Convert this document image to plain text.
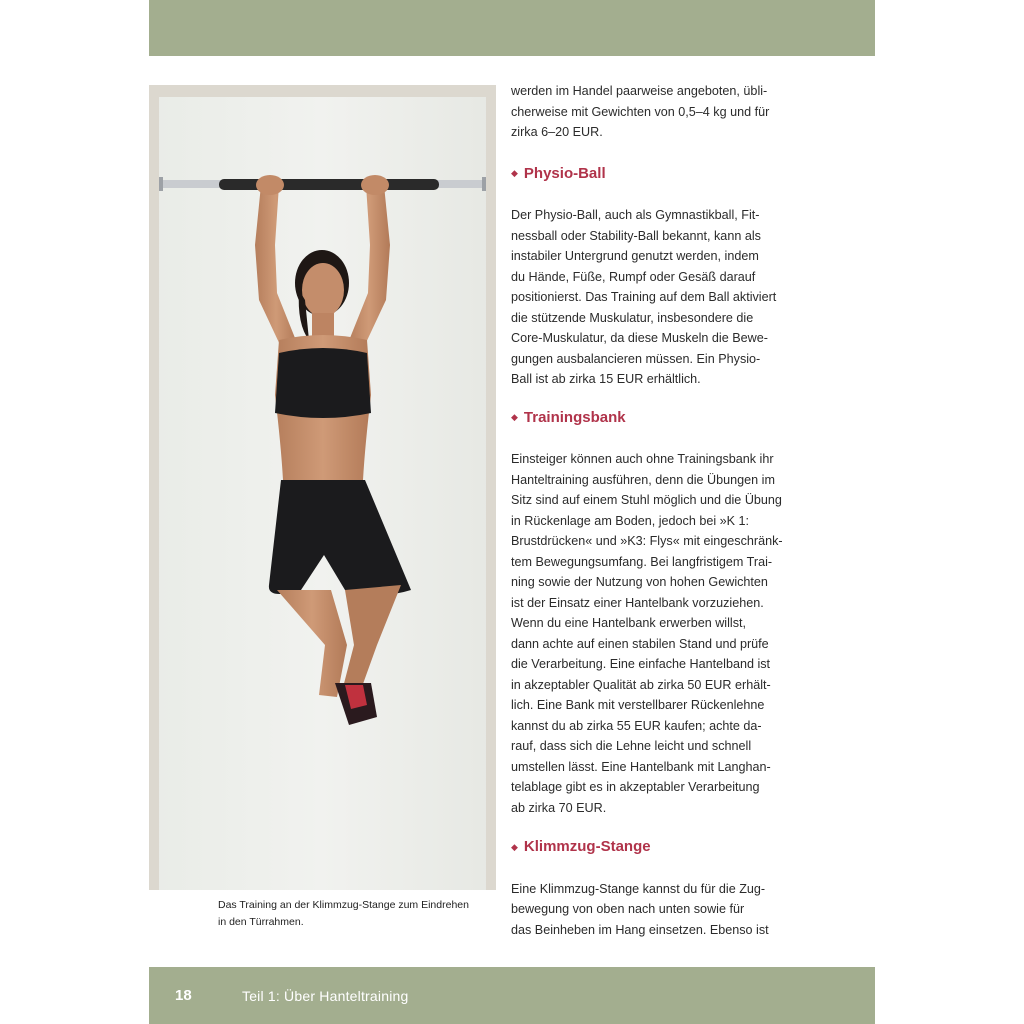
Das Training an der Klimmzug-Stange zum Eindrehen
in den Türrahmen.

werden im Handel paarweise angeboten, übli-
cherweise mit Gewichten von 0,5–4 kg und für
zirka 6–20 EUR.

◆ Physio-Ball

Der Physio-Ball, auch als Gymnastikball, Fit-
nessball oder Stability-Ball bekannt, kann als
instabiler Untergrund genutzt werden, indem
du Hände, Füße, Rumpf oder Gesäß darauf
positionierst. Das Training auf dem Ball aktiviert
die stützende Muskulatur, insbesondere die
Core-Muskulatur, da diese Muskeln die Bewe-
gungen ausbalancieren müssen. Ein Physio-
Ball ist ab zirka 15 EUR erhältlich.

◆ Trainingsbank

Einsteiger können auch ohne Trainingsbank ihr
Hanteltraining ausführen, denn die Übungen im
Sitz sind auf einem Stuhl möglich und die Übung
in Rückenlage am Boden, jedoch bei »K 1:
Brustdrücken« und »K3: Flys« mit eingeschränk-
tem Bewegungsumfang. Bei langfristigem Trai-
ning sowie der Nutzung von hohen Gewichten
ist der Einsatz einer Hantelbank vorzuziehen.
Wenn du eine Hantelbank erwerben willst,
dann achte auf einen stabilen Stand und prüfe
die Verarbeitung. Eine einfache Hantelband ist
in akzeptabler Qualität ab zirka 50 EUR erhält-
lich. Eine Bank mit verstellbarer Rückenlehne
kannst du ab zirka 55 EUR kaufen; achte da-
rauf, dass sich die Lehne leicht und schnell
umstellen lässt. Eine Hantelbank mit Langhan-
telablage gibt es in akzeptabler Verarbeitung
ab zirka 70 EUR.

◆ Klimmzug-Stange

Eine Klimmzug-Stange kannst du für die Zug-
bewegung von oben nach unten sowie für
das Beinheben im Hang einsetzen. Ebenso ist

18	Teil 1: Über Hanteltraining
